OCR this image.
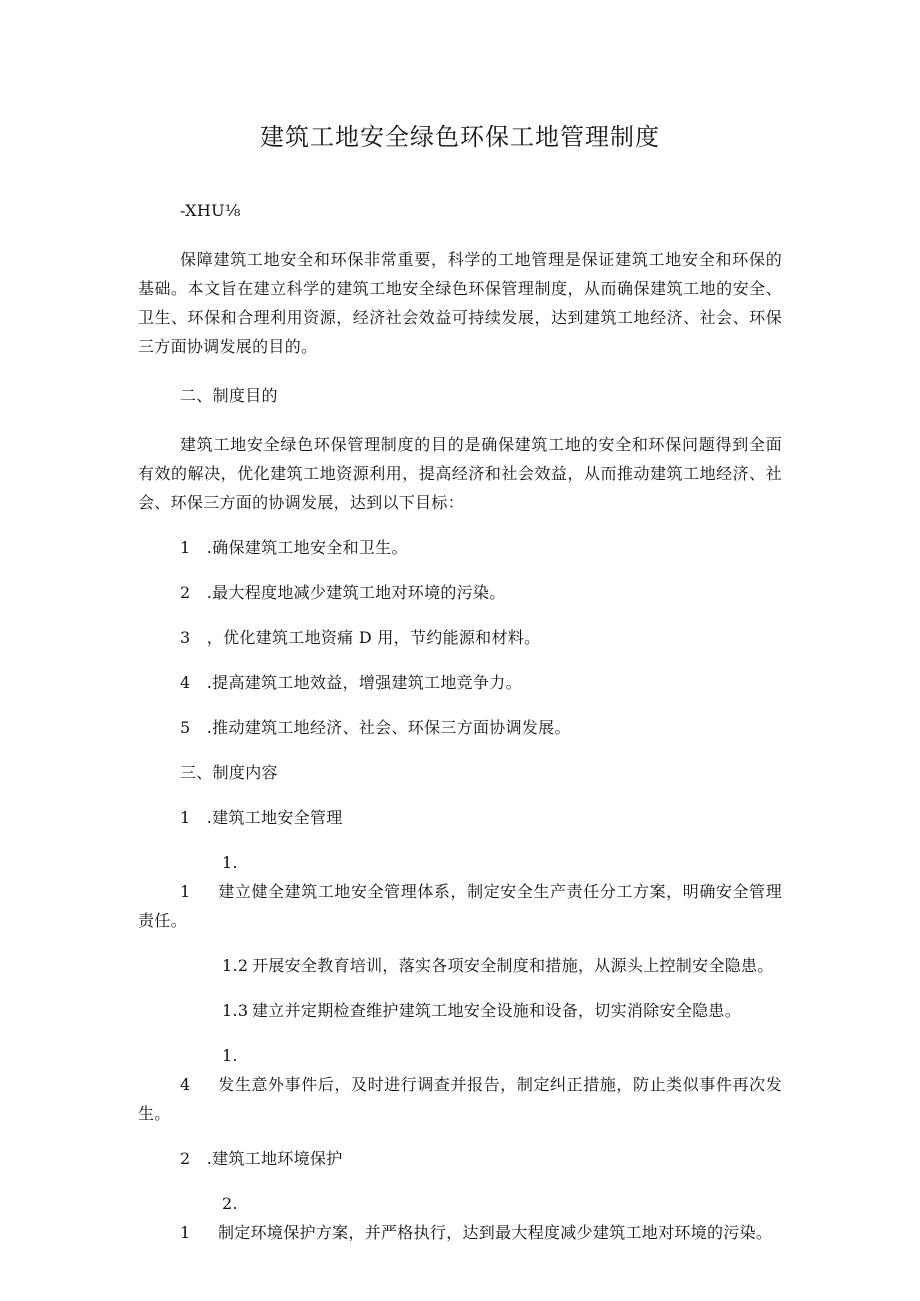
建筑工地安全绿色环保工地管理制度

-XHU⅛

保障建筑工地安全和环保非常重要，科学的工地管理是保证建筑工地安全和环保的基础。本文旨在建立科学的建筑工地安全绿色环保管理制度，从而确保建筑工地的安全、卫生、环保和合理利用资源，经济社会效益可持续发展，达到建筑工地经济、社会、环保三方面协调发展的目的。

二、制度目的

建筑工地安全绿色环保管理制度的目的是确保建筑工地的安全和环保问题得到全面有效的解决，优化建筑工地资源利用，提高经济和社会效益，从而推动建筑工地经济、社会、环保三方面的协调发展，达到以下目标：

1　.确保建筑工地安全和卫生。

2　.最大程度地减少建筑工地对环境的污染。

3　，优化建筑工地资痛 D 用，节约能源和材料。

4　.提高建筑工地效益，增强建筑工地竞争力。

5　.推动建筑工地经济、社会、环保三方面协调发展。

三、制度内容

1　.建筑工地安全管理

1.1 建立健全建筑工地安全管理体系，制定安全生产责任分工方案，明确安全管理责任。

1.2 开展安全教育培训，落实各项安全制度和措施，从源头上控制安全隐患。

1.3 建立并定期检查维护建筑工地安全设施和设备，切实消除安全隐患。

1.4 发生意外事件后，及时进行调查并报告，制定纠正措施，防止类似事件再次发生。

2　.建筑工地环境保护

2.1 制定环境保护方案，并严格执行，达到最大程度减少建筑工地对环境的污染。
